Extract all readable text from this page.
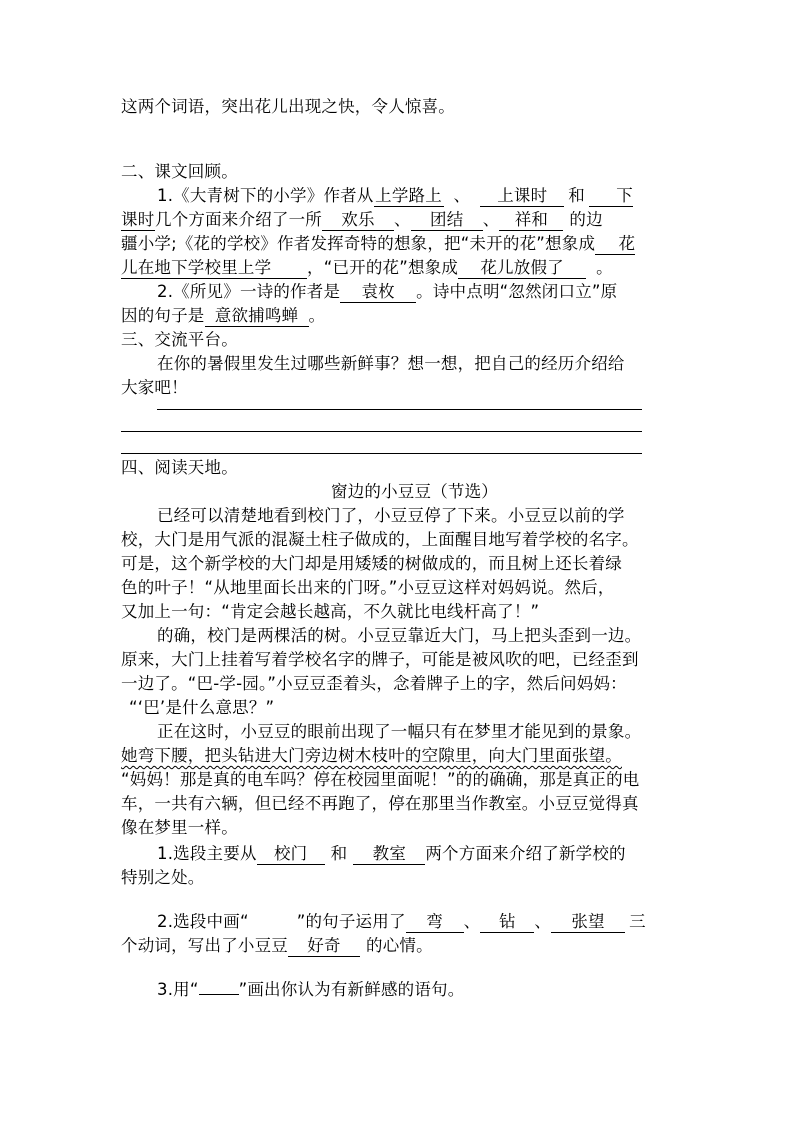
这两个词语，突出花儿出现之快，令人惊喜。
二、课文回顾。
1.《大青树下的小学》作者从上学路上 、 上课时 和 下
课时几个方面来介绍了一所 欢乐 、 团结 、 祥和 的边
疆小学;《花的学校》作者发挥奇特的想象，把“未开的花”想象成 花
儿在地下学校里上学 ，“已开的花”想象成 花儿放假了 。
2.《所见》一诗的作者是 袁枚 。诗中点明“忽然闭口立”原
因的句子是 意欲捕鸣蝉 。
三、交流平台。
在你的暑假里发生过哪些新鲜事？想一想，把自己的经历介绍给
大家吧！
四、阅读天地。
窗边的小豆豆（节选）
已经可以清楚地看到校门了，小豆豆停了下来。小豆豆以前的学
校，大门是用气派的混凝土柱子做成的，上面醒目地写着学校的名字。
可是，这个新学校的大门却是用矮矮的树做成的，而且树上还长着绿
色的叶子！“从地里面长出来的门呀。”小豆豆这样对妈妈说。然后，
又加上一句：“肯定会越长越高，不久就比电线杆高了！”
的确，校门是两棵活的树。小豆豆靠近大门，马上把头歪到一边。
原来，大门上挂着写着学校名字的牌子，可能是被风吹的吧，已经歪到
一边了。“巴-学-园。”小豆豆歪着头，念着牌子上的字，然后问妈妈：
“‘巴’是什么意思？”
正在这时，小豆豆的眼前出现了一幅只有在梦里才能见到的景象。
她弯下腰，把头钻进大门旁边树木枝叶的空隙里，向大门里面张望。
“妈妈！那是真的电车吗？停在校园里面呢！”的的确确，那是真正的电
车，一共有六辆，但已经不再跑了，停在那里当作教室。小豆豆觉得真
像在梦里一样。
1.选段主要从 校门 和 教室 两个方面来介绍了新学校的
特别之处。
2.选段中画“	”的句子运用了 弯 、 钻 、 张望 三
个动词，写出了小豆豆 好奇 的心情。
3.用“ ”画出你认为有新鲜感的语句。
